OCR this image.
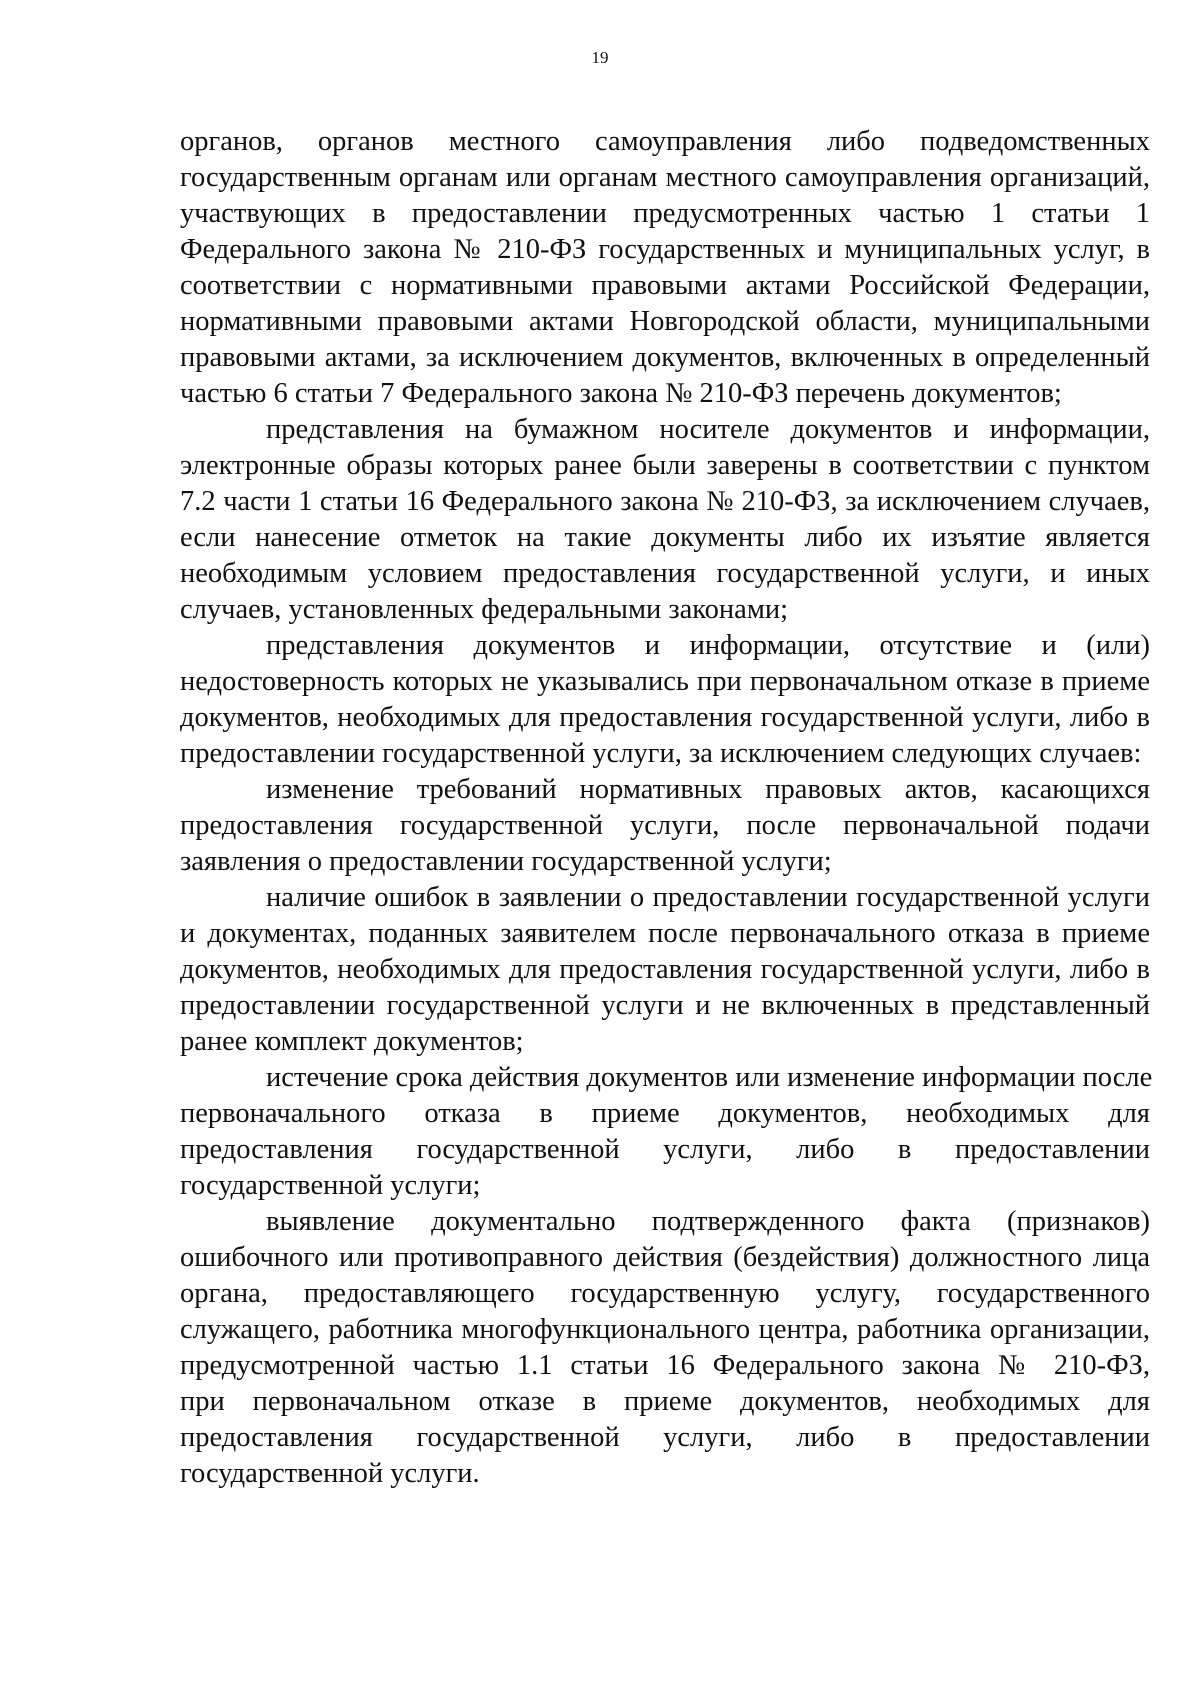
19
органов, органов местного самоуправления либо подведомственных
государственным органам или органам местного самоуправления организаций,
участвующих в предоставлении предусмотренных частью 1 статьи 1
Федерального закона № 210-ФЗ государственных и муниципальных услуг, в
соответствии с нормативными правовыми актами Российской Федерации,
нормативными правовыми актами Новгородской области, муниципальными
правовыми актами, за исключением документов, включенных в определенный
частью 6 статьи 7 Федерального закона № 210-ФЗ перечень документов;
представления на бумажном носителе документов и информации,
электронные образы которых ранее были заверены в соответствии с пунктом
7.2 части 1 статьи 16 Федерального закона № 210-ФЗ, за исключением случаев,
если нанесение отметок на такие документы либо их изъятие является
необходимым условием предоставления государственной услуги, и иных
случаев, установленных федеральными законами;
представления документов и информации, отсутствие и (или)
недостоверность которых не указывались при первоначальном отказе в приеме
документов, необходимых для предоставления государственной услуги, либо в
предоставлении государственной услуги, за исключением следующих случаев:
изменение требований нормативных правовых актов, касающихся
предоставления государственной услуги, после первоначальной подачи
заявления о предоставлении государственной услуги;
наличие ошибок в заявлении о предоставлении государственной услуги
и документах, поданных заявителем после первоначального отказа в приеме
документов, необходимых для предоставления государственной услуги, либо в
предоставлении государственной услуги и не включенных в представленный
ранее комплект документов;
истечение срока действия документов или изменение информации после
первоначального отказа в приеме документов, необходимых для
предоставления государственной услуги, либо в предоставлении
государственной услуги;
выявление документально подтвержденного факта (признаков)
ошибочного или противоправного действия (бездействия) должностного лица
органа, предоставляющего государственную услугу, государственного
служащего, работника многофункционального центра, работника организации,
предусмотренной частью 1.1 статьи 16 Федерального закона № 210-ФЗ,
при первоначальном отказе в приеме документов, необходимых для
предоставления государственной услуги, либо в предоставлении
государственной услуги.
